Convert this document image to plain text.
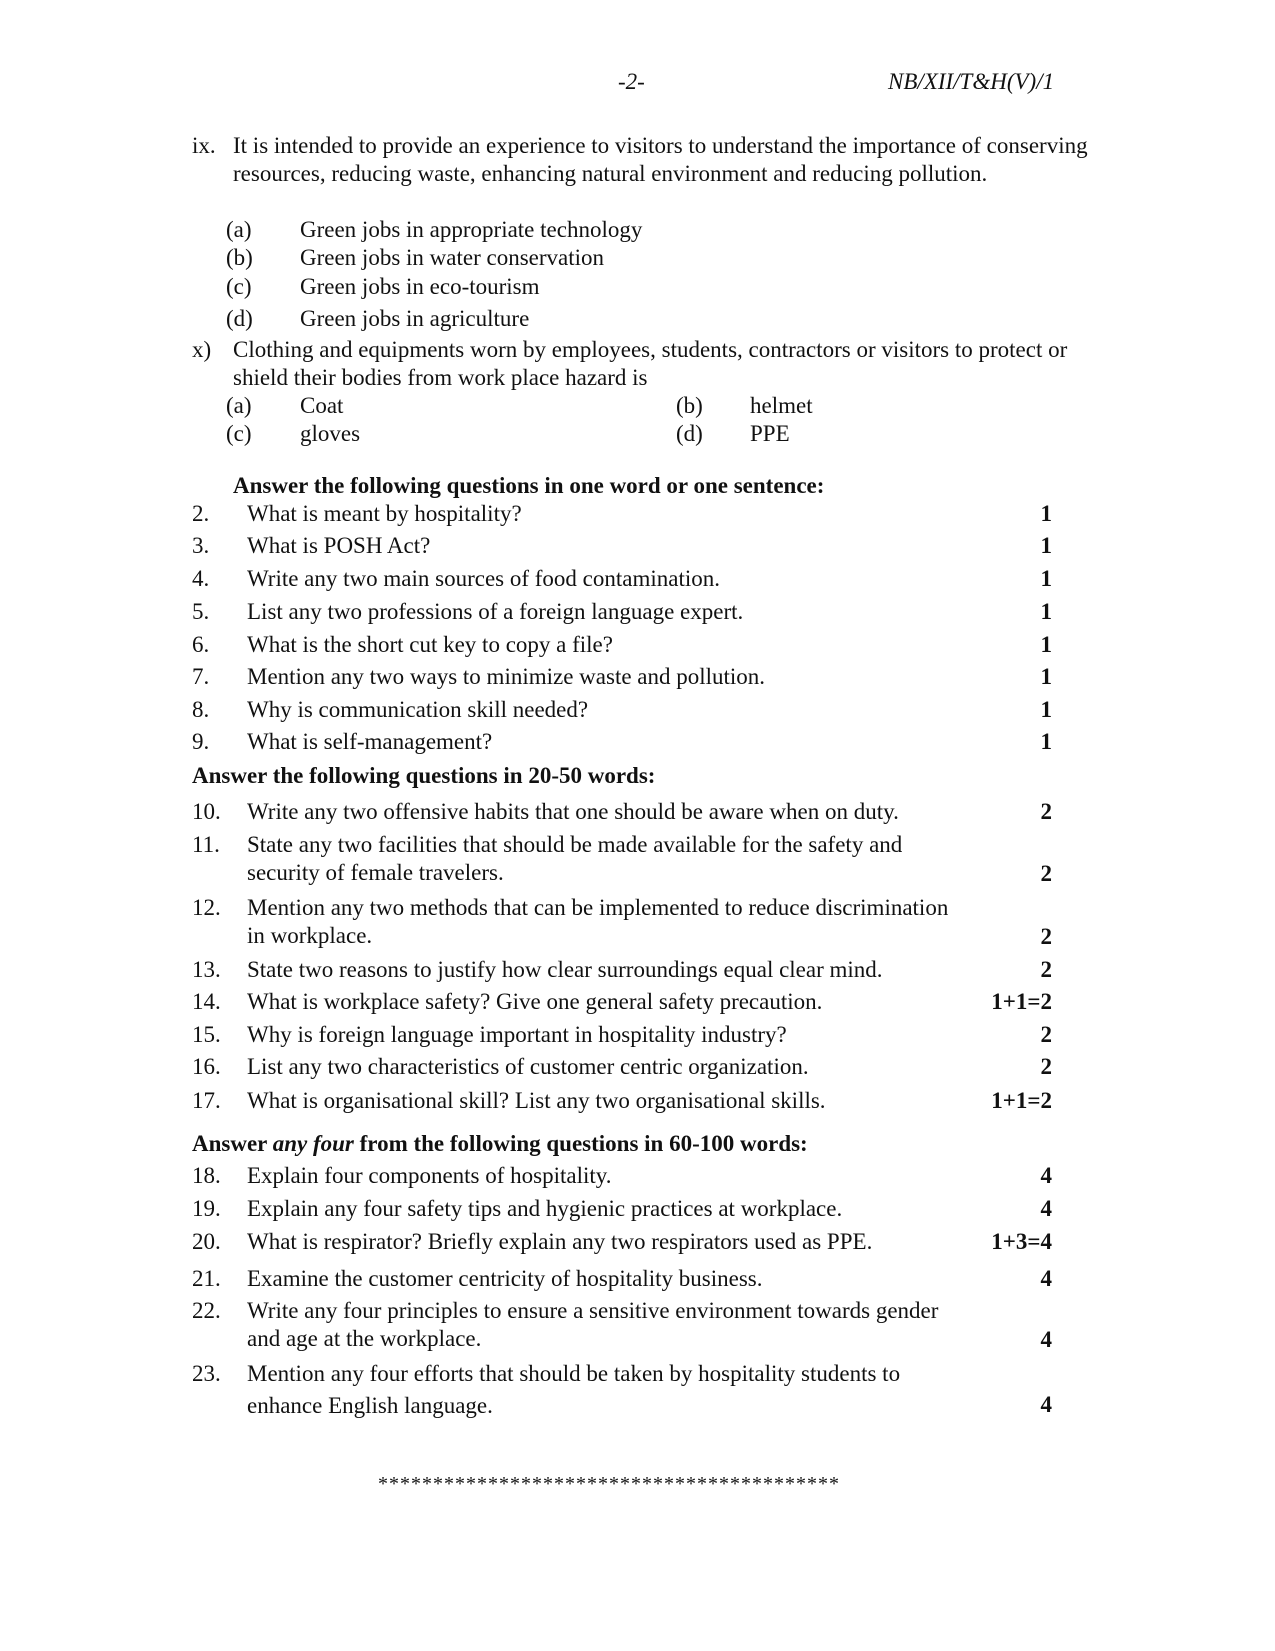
-2-	NB/XII/T&H(V)/1
ix. It is intended to provide an experience to visitors to understand the importance of conserving resources, reducing waste, enhancing natural environment and reducing pollution.
(a) Green jobs in appropriate technology
(b) Green jobs in water conservation
(c) Green jobs in eco-tourism
(d) Green jobs in agriculture
x) Clothing and equipments worn by employees, students, contractors or visitors to protect or shield their bodies from work place hazard is
(a) Coat	(b) helmet
(c) gloves	(d) PPE
Answer the following questions in one word or one sentence:
2. What is meant by hospitality?	1
3. What is POSH Act?	1
4. Write any two main sources of food contamination.	1
5. List any two professions of a foreign language expert.	1
6. What is the short cut key to copy a file?	1
7. Mention any two ways to minimize waste and pollution.	1
8. Why is communication skill needed?	1
9. What is self-management?	1
Answer the following questions in 20-50 words:
10. Write any two offensive habits that one should be aware when on duty.	2
11. State any two facilities that should be made available for the safety and security of female travelers.	2
12. Mention any two methods that can be implemented to reduce discrimination in workplace.	2
13. State two reasons to justify how clear surroundings equal clear mind.	2
14. What is workplace safety? Give one general safety precaution.	1+1=2
15. Why is foreign language important in hospitality industry?	2
16. List any two characteristics of customer centric organization.	2
17. What is organisational skill? List any two organisational skills.	1+1=2
Answer any four from the following questions in 60-100 words:
18. Explain four components of hospitality.	4
19. Explain any four safety tips and hygienic practices at workplace.	4
20. What is respirator? Briefly explain any two respirators used as PPE.	1+3=4
21. Examine the customer centricity of hospitality business.	4
22. Write any four principles to ensure a sensitive environment towards gender and age at the workplace.	4
23. Mention any four efforts that should be taken by hospitality students to enhance English language.	4
******************************************
